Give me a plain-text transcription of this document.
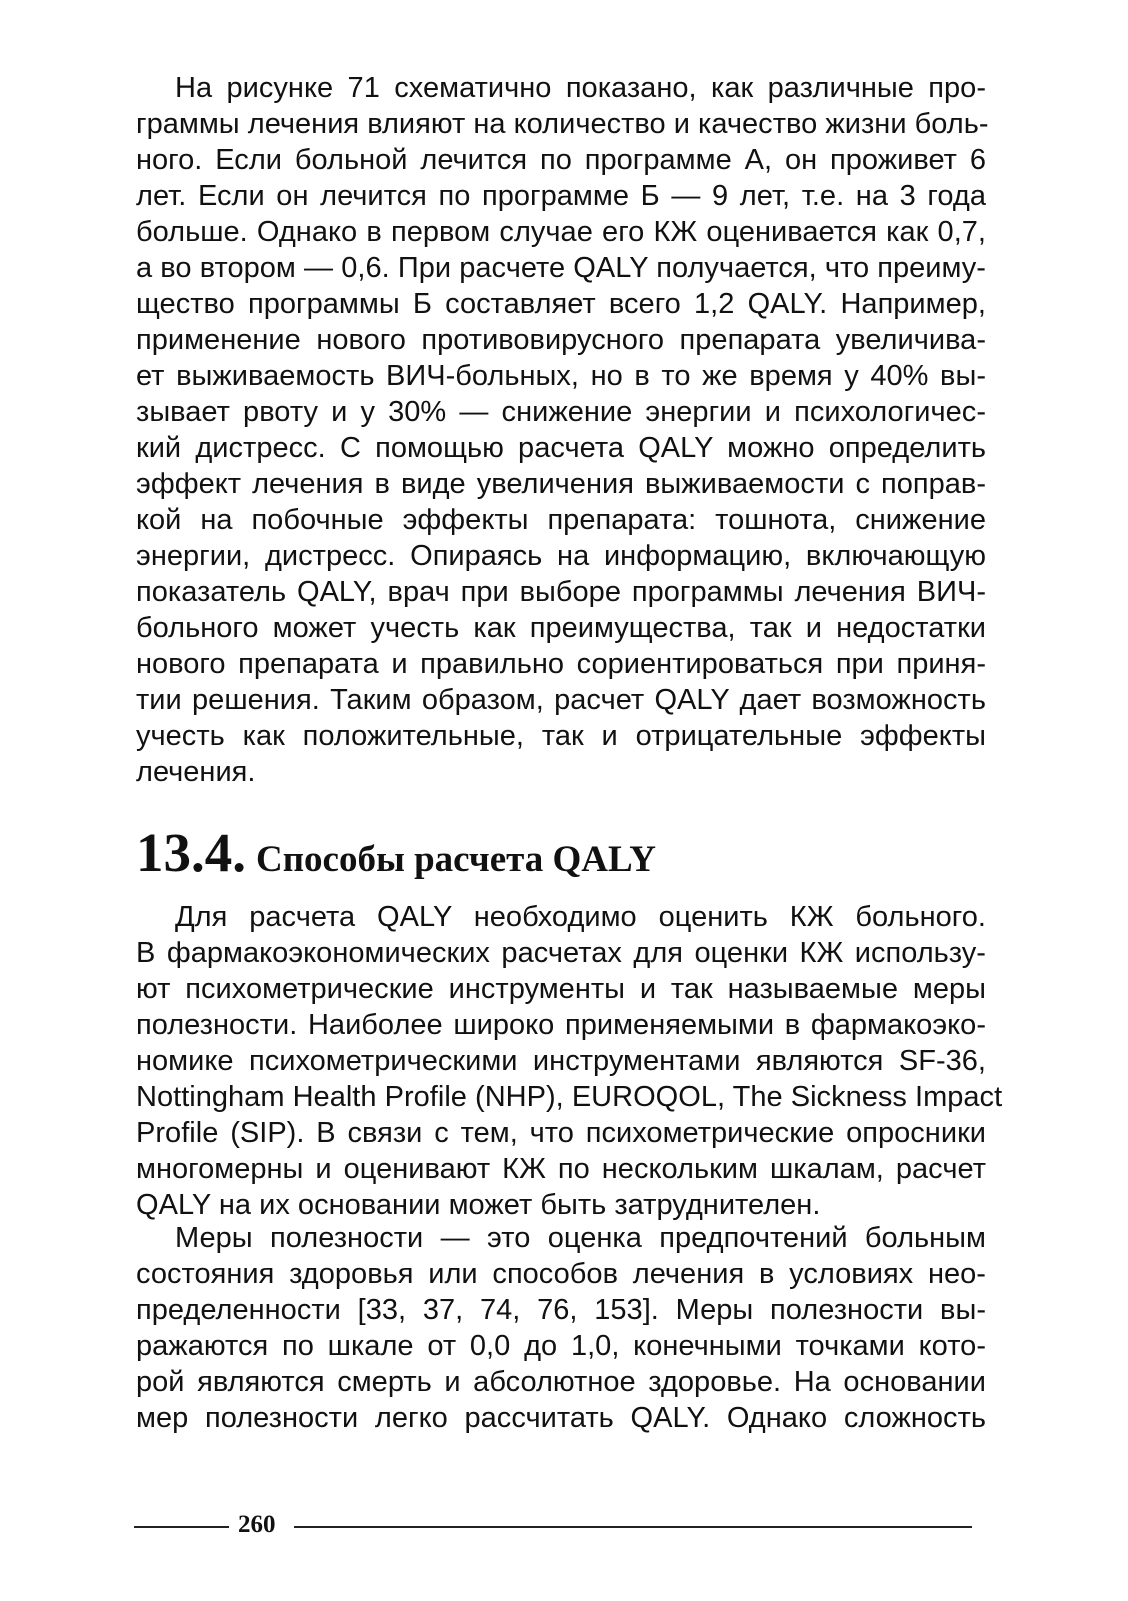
На рисунке 71 схематично показано, как различные про-
граммы лечения влияют на количество и качество жизни боль-
ного. Если больной лечится по программе А, он проживет 6
лет. Если он лечится по программе Б — 9 лет, т.е. на 3 года
больше. Однако в первом случае его КЖ оценивается как 0,7,
а во втором — 0,6. При расчете QALY получается, что преиму-
щество программы Б составляет всего 1,2 QALY. Например,
применение нового противовирусного препарата увеличива-
ет выживаемость ВИЧ-больных, но в то же время у 40% вы-
зывает рвоту и у 30% — снижение энергии и психологичес-
кий дистресс. С помощью расчета QALY можно определить
эффект лечения в виде увеличения выживаемости с поправ-
кой на побочные эффекты препарата: тошнота, снижение
энергии, дистресс. Опираясь на информацию, включающую
показатель QALY, врач при выборе программы лечения ВИЧ-
больного может учесть как преимущества, так и недостатки
нового препарата и правильно сориентироваться при приня-
тии решения. Таким образом, расчет QALY дает возможность
учесть как положительные, так и отрицательные эффекты
лечения.
13.4. Способы расчета QALY
Для расчета QALY необходимо оценить КЖ больного.
В фармакоэкономических расчетах для оценки КЖ использу-
ют психометрические инструменты и так называемые меры
полезности. Наиболее широко применяемыми в фармакоэко-
номике психометрическими инструментами являются SF-36,
Nottingham Health Profile (NHP), EUROQOL, The Sickness Impact
Profile (SIP). В связи с тем, что психометрические опросники
многомерны и оценивают КЖ по нескольким шкалам, расчет
QALY на их основании может быть затруднителен.
Меры полезности — это оценка предпочтений больным
состояния здоровья или способов лечения в условиях нео-
пределенности [33, 37, 74, 76, 153]. Меры полезности вы-
ражаются по шкале от 0,0 до 1,0, конечными точками кото-
рой являются смерть и абсолютное здоровье. На основании
мер полезности легко рассчитать QALY. Однако сложность
260
